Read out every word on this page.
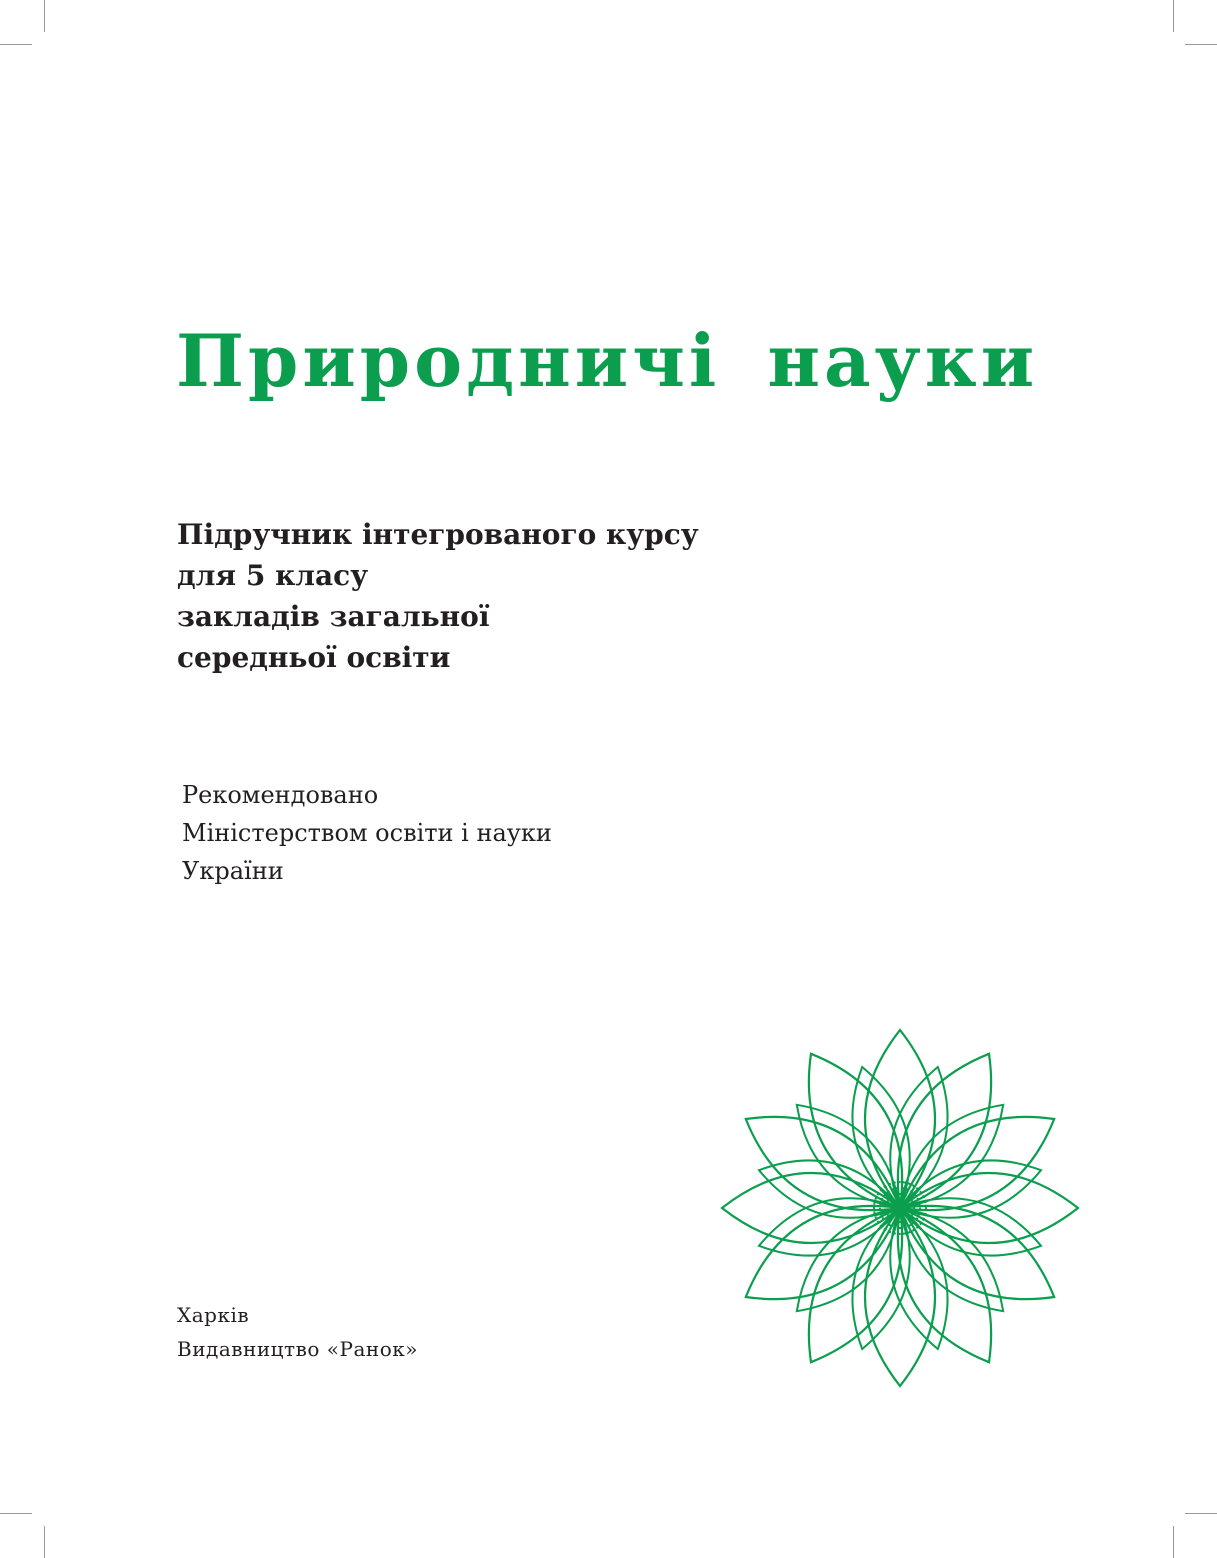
Природничі науки
Підручник інтегрованого курсу
для 5 класу
закладів загальної
середньої освіти
Рекомендовано
Міністерством освіти і науки
України
Харків
Видавництво «Ранок»
